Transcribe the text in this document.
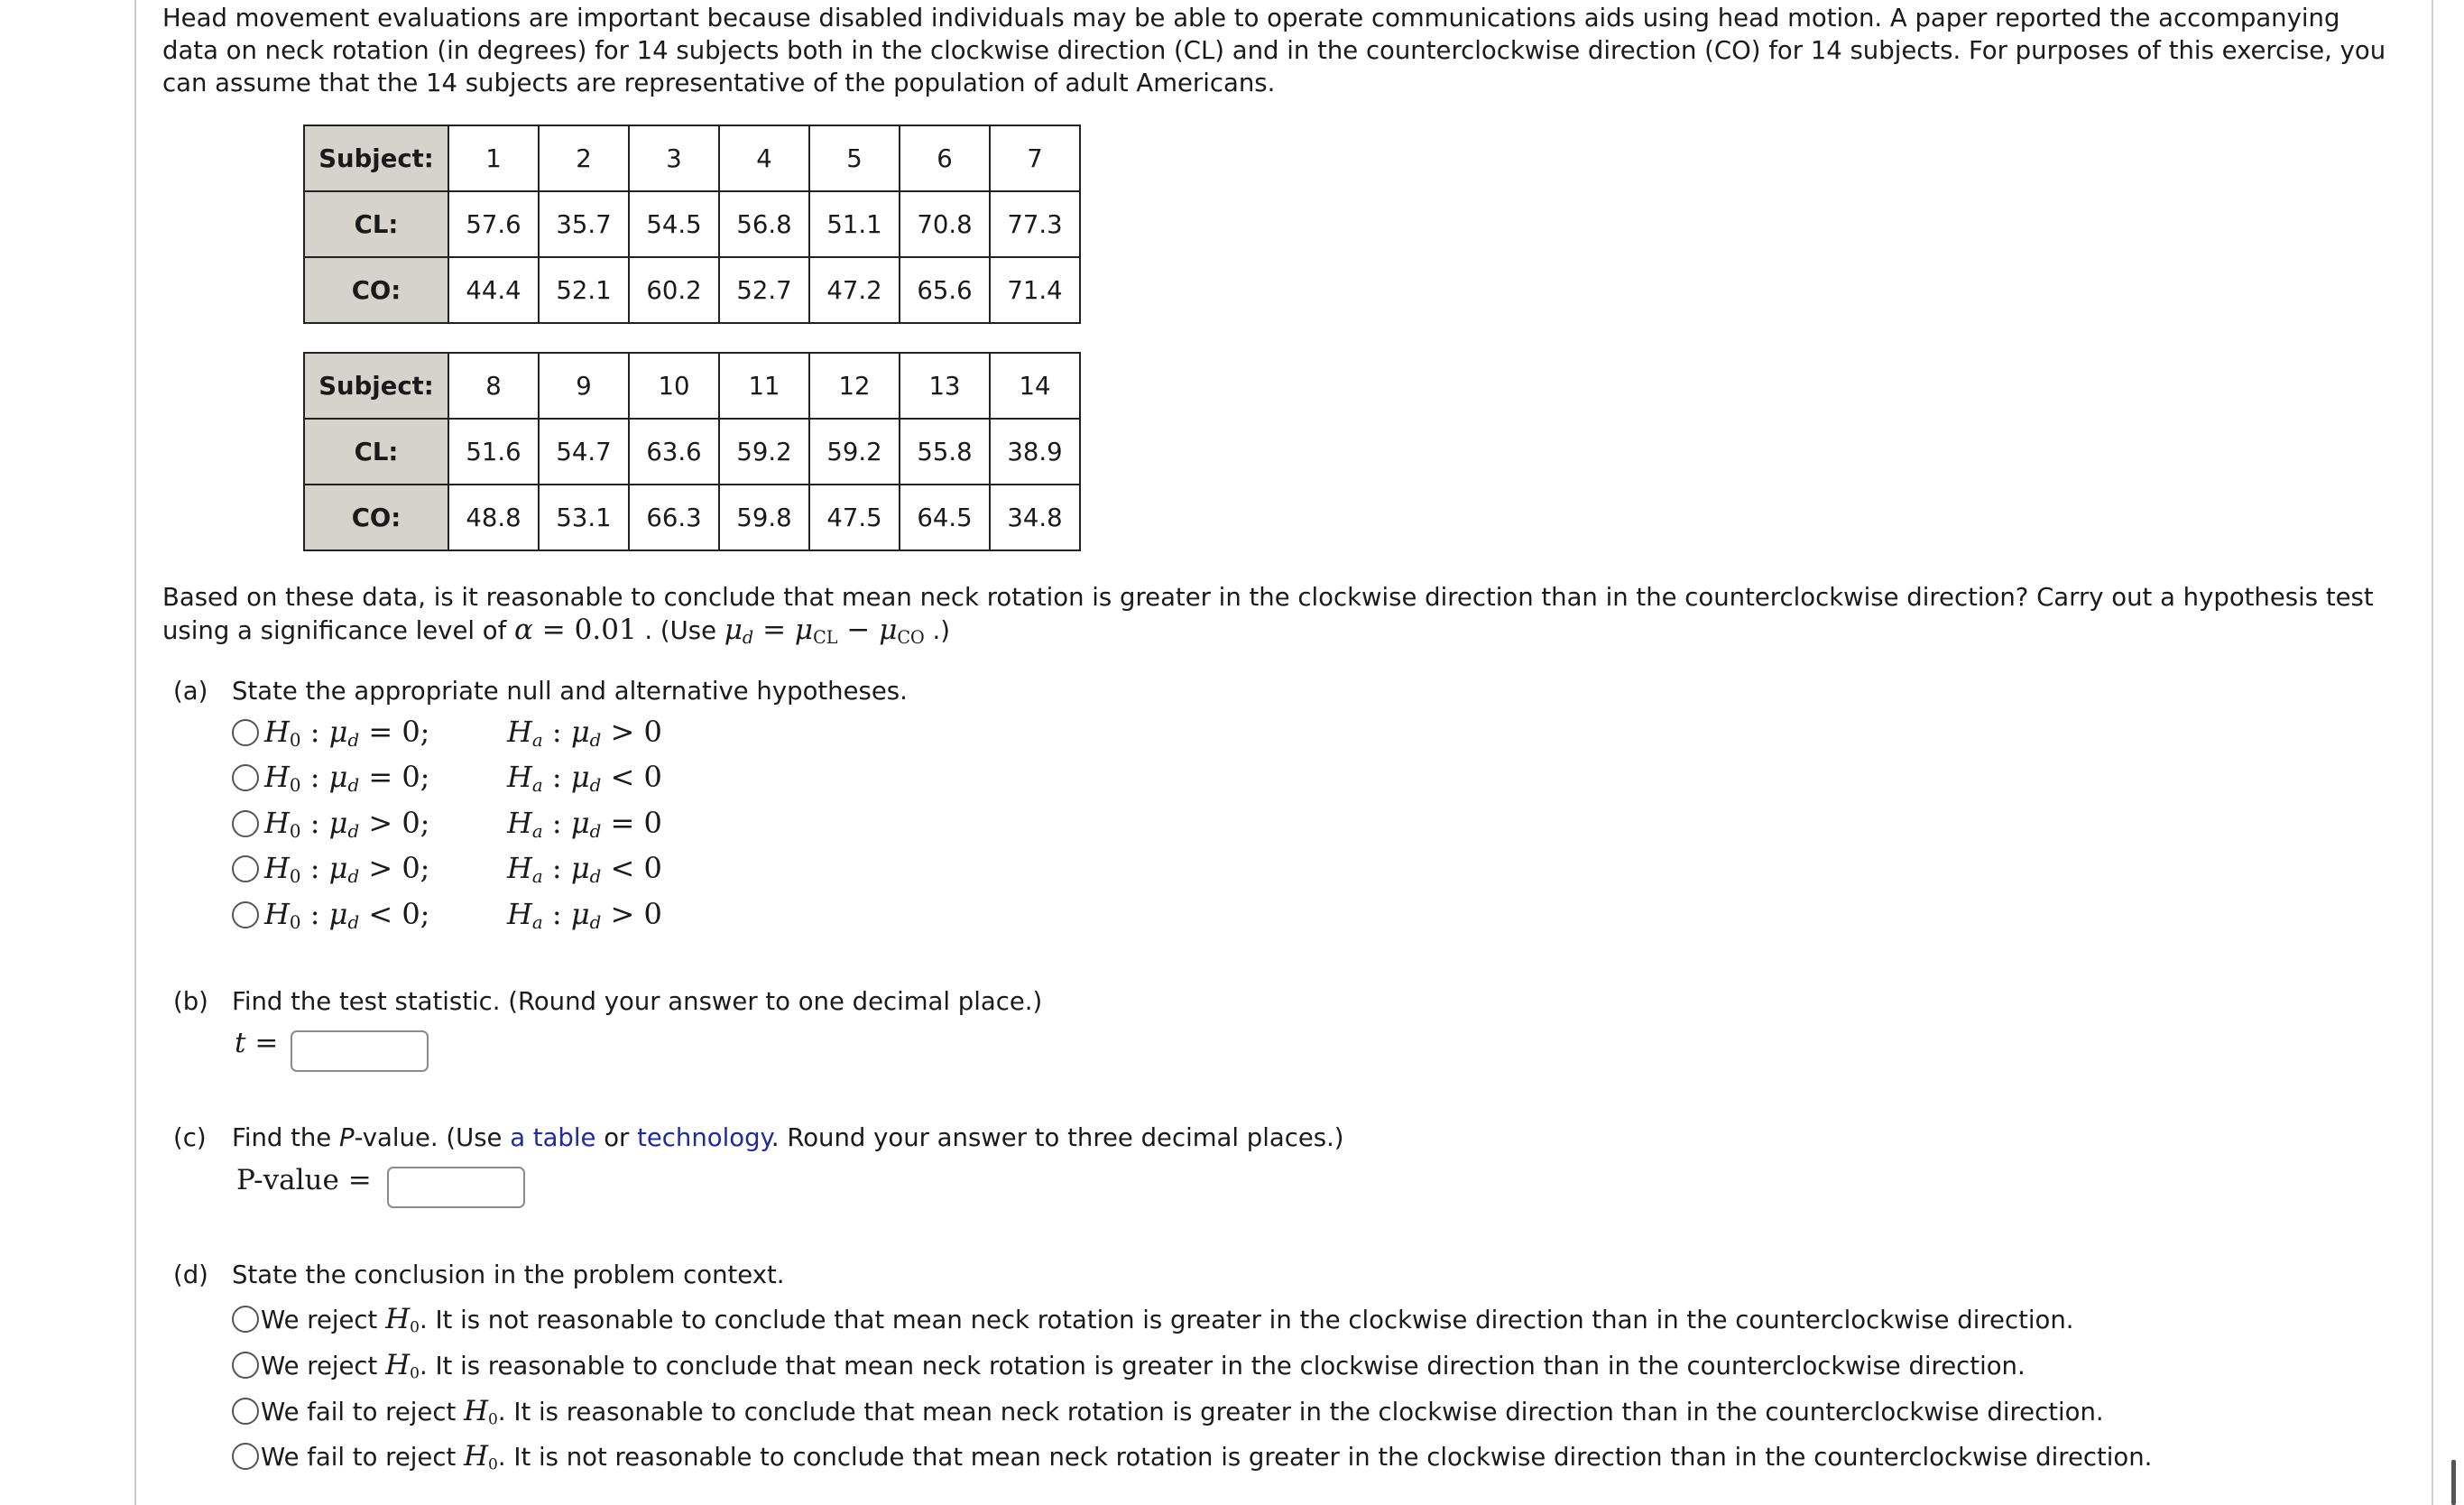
Head movement evaluations are important because disabled individuals may be able to operate communications aids using head motion. A paper reported the accompanying data on neck rotation (in degrees) for 14 subjects both in the clockwise direction (CL) and in the counterclockwise direction (CO) for 14 subjects. For purposes of this exercise, you can assume that the 14 subjects are representative of the population of adult Americans.
Subject:	1	2	3	4	5	6	7
CL:	57.6	35.7	54.5	56.8	51.1	70.8	77.3
CO:	44.4	52.1	60.2	52.7	47.2	65.6	71.4
Subject:	8	9	10	11	12	13	14
CL:	51.6	54.7	63.6	59.2	59.2	55.8	38.9
CO:	48.8	53.1	66.3	59.8	47.5	64.5	34.8
Based on these data, is it reasonable to conclude that mean neck rotation is greater in the clockwise direction than in the counterclockwise direction? Carry out a hypothesis test using a significance level of α = 0.01 . (Use $\mu_d = \mu_{CL} - \mu_{CO}$ .)
(a) State the appropriate null and alternative hypotheses.
$H_0$ : $\mu_d = 0$;	$H_a$ : $\mu_d > 0$
$H_0$ : $\mu_d = 0$;	$H_a$ : $\mu_d < 0$
$H_0$ : $\mu_d > 0$;	$H_a$ : $\mu_d = 0$
$H_0$ : $\mu_d > 0$;	$H_a$ : $\mu_d < 0$
$H_0$ : $\mu_d < 0$;	$H_a$ : $\mu_d > 0$
(b) Find the test statistic. (Round your answer to one decimal place.)
t =
(c) Find the P-value. (Use a table or technology. Round your answer to three decimal places.)
P-value =
(d) State the conclusion in the problem context.
We reject $H_0$. It is not reasonable to conclude that mean neck rotation is greater in the clockwise direction than in the counterclockwise direction.
We reject $H_0$. It is reasonable to conclude that mean neck rotation is greater in the clockwise direction than in the counterclockwise direction.
We fail to reject $H_0$. It is reasonable to conclude that mean neck rotation is greater in the clockwise direction than in the counterclockwise direction.
We fail to reject $H_0$. It is not reasonable to conclude that mean neck rotation is greater in the clockwise direction than in the counterclockwise direction.
